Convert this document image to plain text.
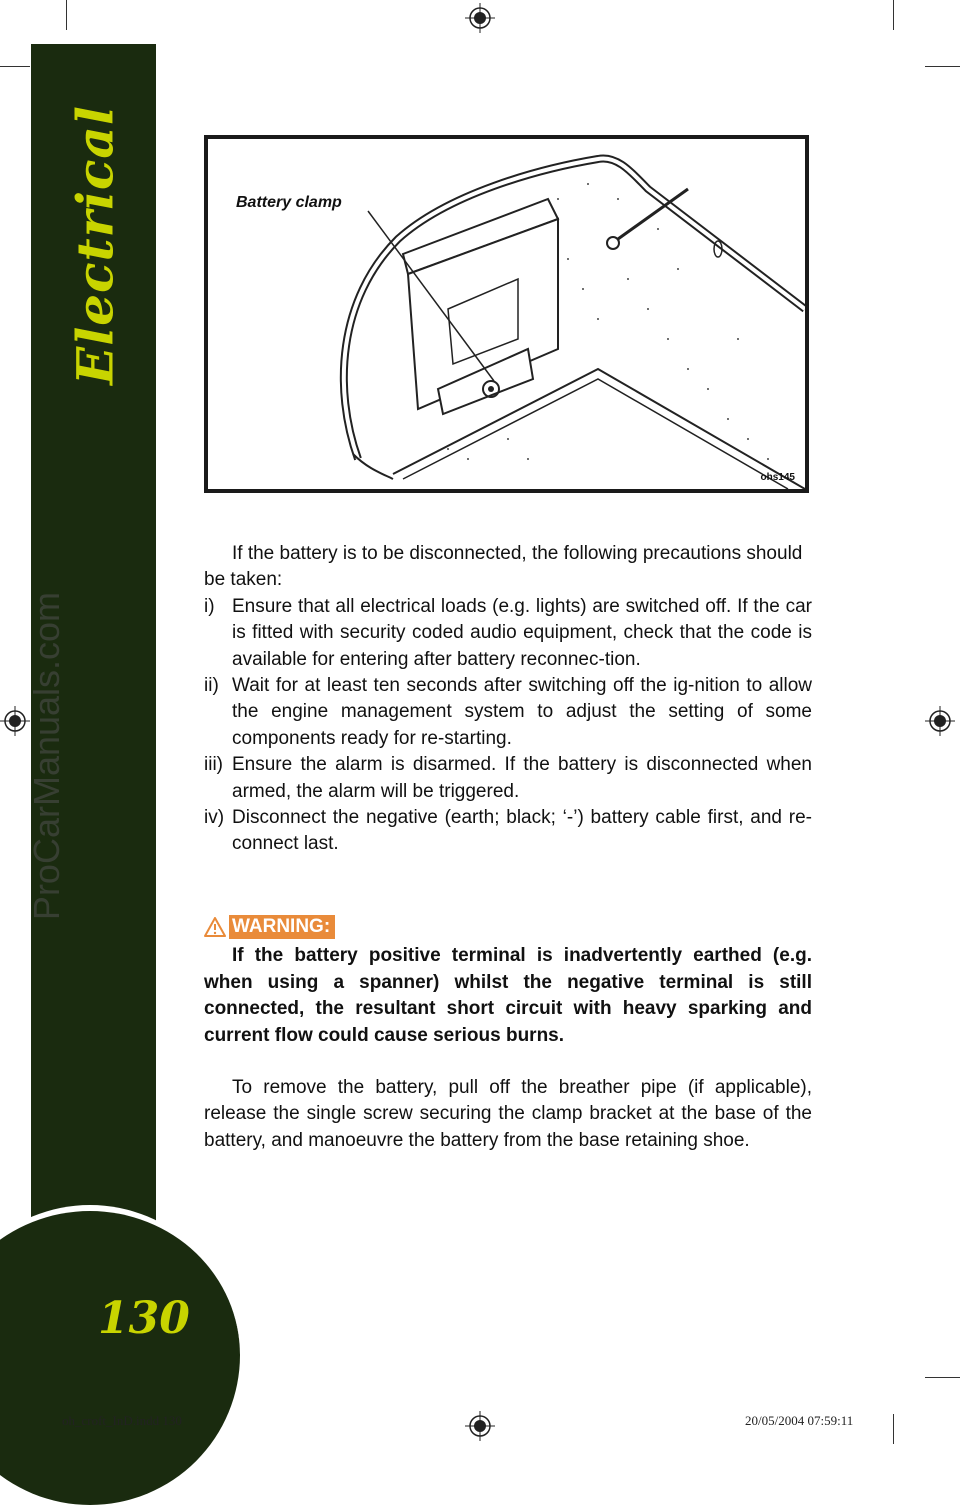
Electrical
130
ProCarManuals.com
Battery clamp
ohs145

If the battery is to be disconnected, the following precautions should be taken:

i) Ensure that all electrical loads (e.g. lights) are switched off. If the car is fitted with security coded audio equipment, check that the code is available for entering after battery reconnec-tion.
ii) Wait for at least ten seconds after switching off the ig-nition to allow the engine management system to adjust the setting of some components ready for re-starting.
iii) Ensure the alarm is disarmed. If the battery is disconnected when armed, the alarm will be triggered.
iv) Disconnect the negative (earth; black; ‘-’) battery cable first, and re-connect last.
WARNING:

If the battery positive terminal is inadvertently earthed (e.g. when using a spanner) whilst the negative terminal is still connected, the resultant short circuit with heavy sparking and current flow could cause serious burns.

To remove the battery, pull off the breather pipe (if applicable), release the single screw securing the clamp bracket at the base of the battery, and manoeuvre the battery from the base retaining shoe.

oh_croft_InD.indd 130	20/05/2004 07:59:11
